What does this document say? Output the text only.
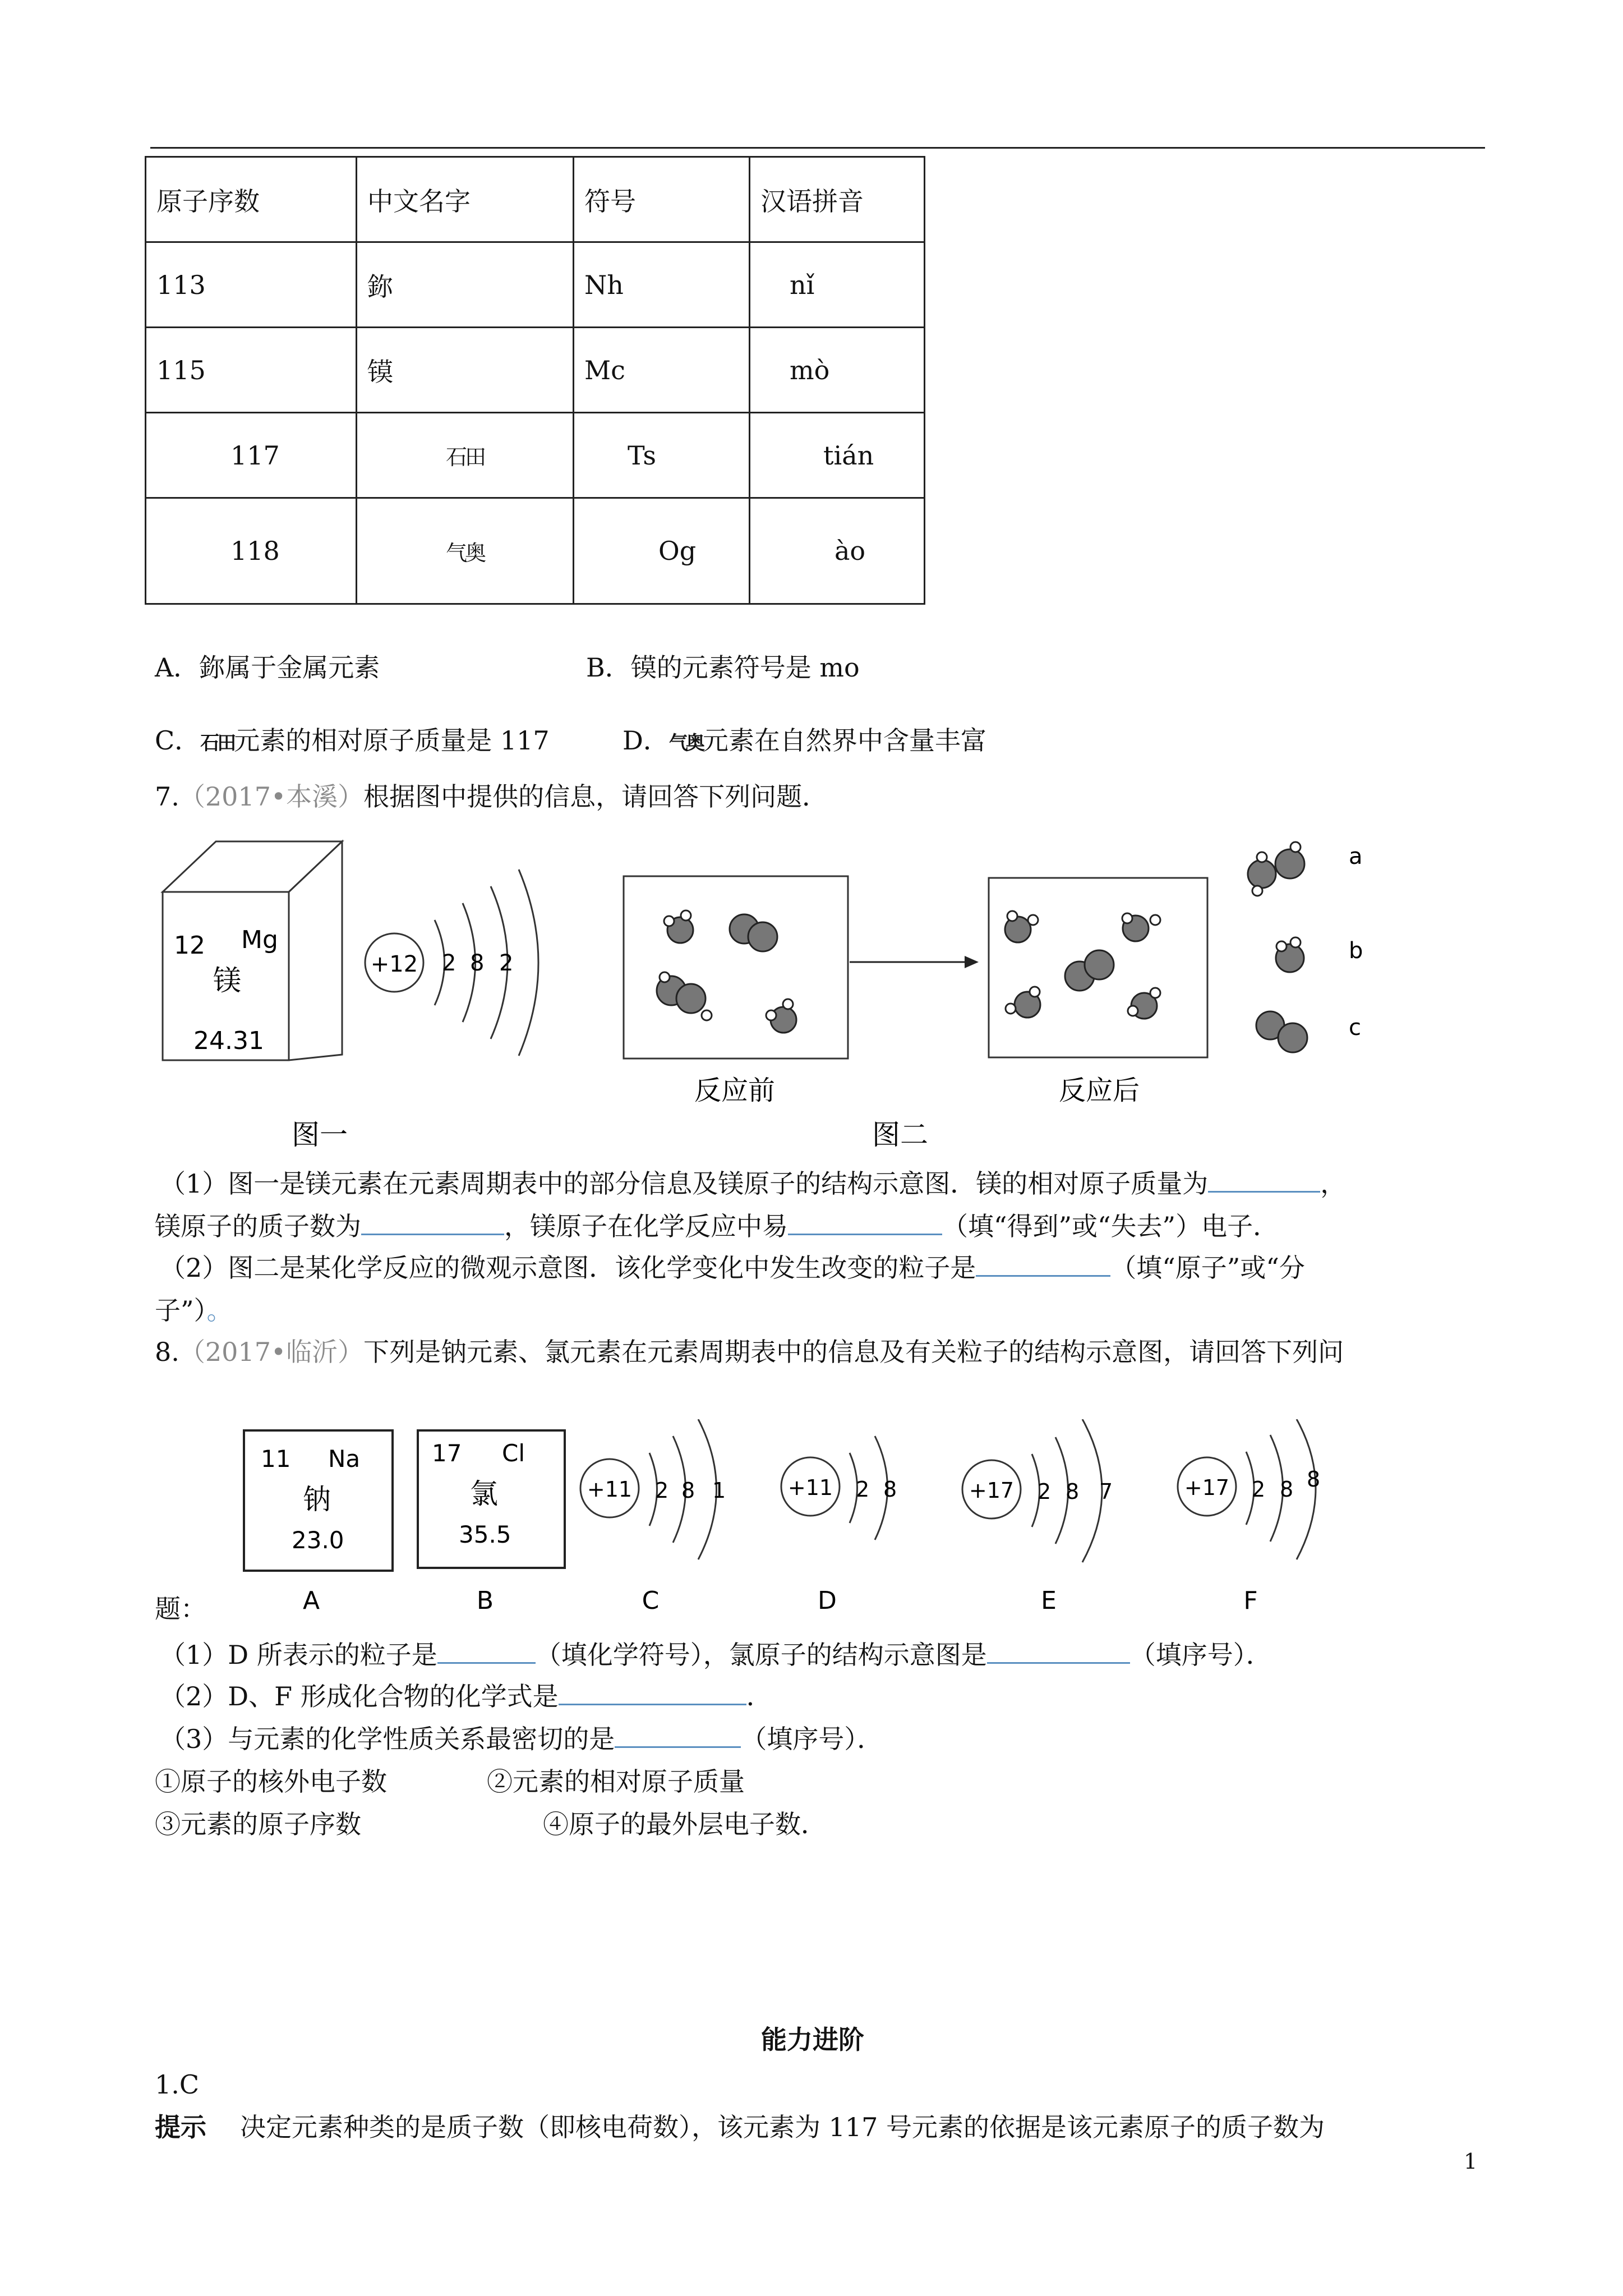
原子序数	中文名字	符号	汉语拼音
113	鉨	Nh	nǐ
115	镆	Mc	mò
117	石田	Ts	tián
118	气奥	Og	ào
A．鉨属于金属元素	B．镆的元素符号是 mo
C．石田元素的相对原子质量是 117	D．气奥元素在自然界中含量丰富
7.（2017•本溪）根据图中提供的信息，请回答下列问题．
12 Mg
镁
24.31
+12 2 8 2
图一
反应前	反应后
图二
a
b
c
（1）图一是镁元素在元素周期表中的部分信息及镁原子的结构示意图．镁的相对原子质量为	，
镁原子的质子数为	，镁原子在化学反应中易	（填“得到”或“失去”）电子．
（2）图二是某化学反应的微观示意图．该化学变化中发生改变的粒子是	（填“原子”或“分
子”）。
8.（2017•临沂）下列是钠元素、氯元素在元素周期表中的信息及有关粒子的结构示意图，请回答下列问
11 Na
钠
23.0
17 Cl
氯
35.5
+11 2 8 1	+11 2 8	+17 2 8 7	+17 2 8 8
A	B	C	D	E	F
题：
（1）D 所表示的粒子是	（填化学符号），氯原子的结构示意图是	（填序号）．
（2）D、F 形成化合物的化学式是	．
（3）与元素的化学性质关系最密切的是	（填序号）．
①原子的核外电子数	②元素的相对原子质量
③元素的原子序数	④原子的最外层电子数．
能力进阶
1.C
提示 决定元素种类的是质子数（即核电荷数），该元素为 117 号元素的依据是该元素原子的质子数为
1
